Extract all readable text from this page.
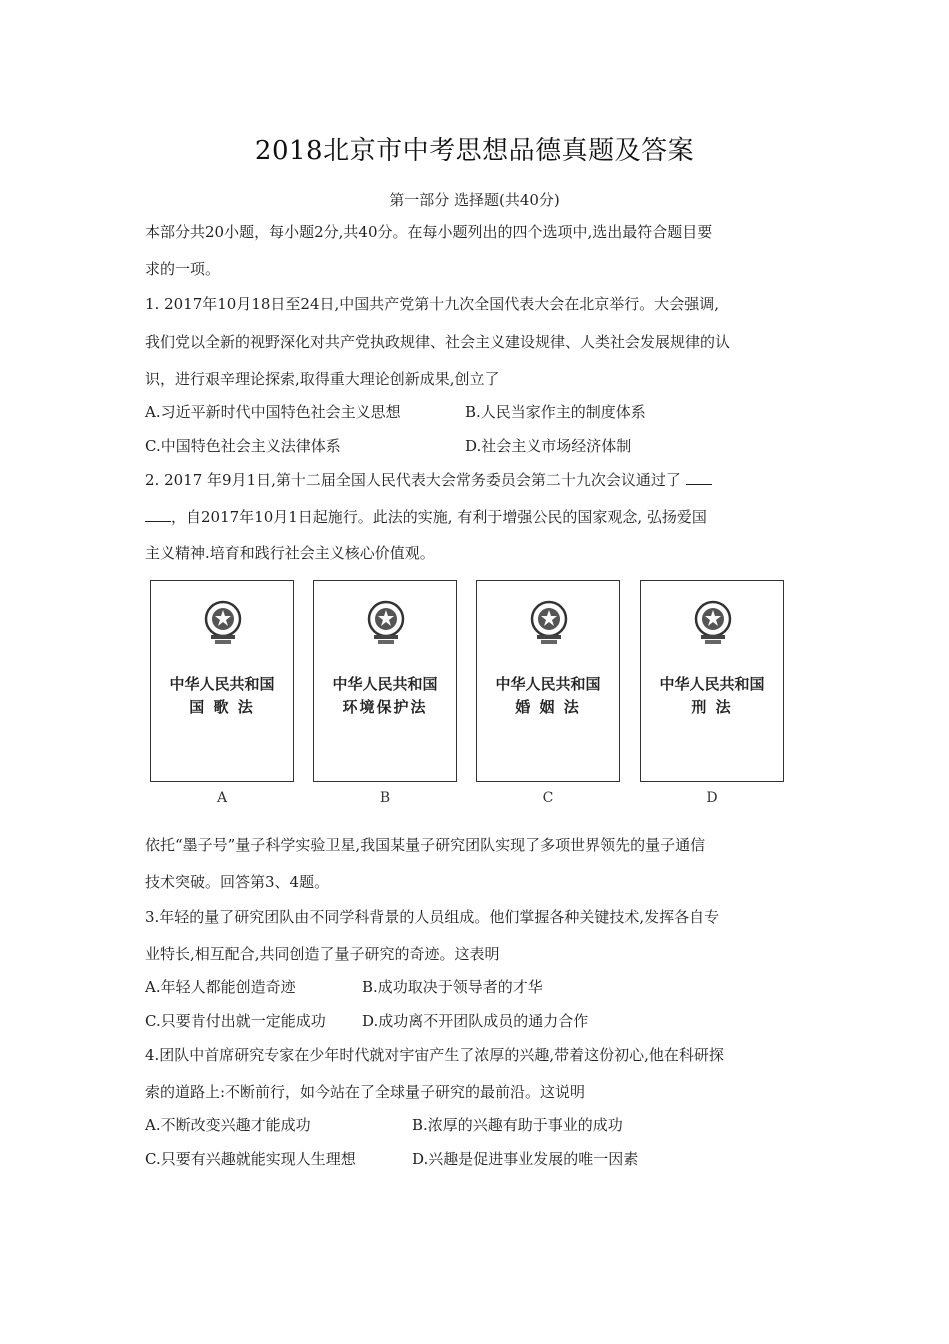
2018北京市中考思想品德真题及答案
第一部分 选择题(共40分)
本部分共20小题，每小题2分,共40分。在每小题列出的四个选项中,选出最符合题目要
求的一项。
1. 2017年10月18日至24日,中国共产党第十九次全国代表大会在北京举行。大会强调,
我们党以全新的视野深化对共产党执政规律、社会主义建设规律、人类社会发展规律的认
识，进行艰辛理论探索,取得重大理论创新成果,创立了
A.习近平新时代中国特色社会主义思想	B.人民当家作主的制度体系
C.中国特色社会主义法律体系	D.社会主义市场经济体制
2. 2017 年9月1日,第十二届全国人民代表大会常务委员会第二十九次会议通过了
，自2017年10月1日起施行。此法的实施, 有利于增强公民的国家观念, 弘扬爱国
主义精神.培育和践行社会主义核心价值观。
中华人民共和国
国 歌 法
A
中华人民共和国
环境保护法
B
中华人民共和国
婚 姻 法
C
中华人民共和国
刑 法
D
依托“墨子号”量子科学实验卫星,我国某量子研究团队实现了多项世界领先的量子通信
技术突破。回答第3、4题。
3.年轻的量了研究团队由不同学科背景的人员组成。他们掌握各种关键技术,发挥各自专
业特长,相互配合,共同创造了量子研究的奇迹。这表明
A.年轻人都能创造奇迹	B.成功取决于领导者的才华
C.只要肯付出就一定能成功 D.成功离不开团队成员的通力合作
4.团队中首席研究专家在少年时代就对宇宙产生了浓厚的兴趣,带着这份初心,他在科研探
索的道路上:不断前行，如今站在了全球量子研究的最前沿。这说明
A.不断改变兴趣才能成功	B.浓厚的兴趣有助于事业的成功
C.只要有兴趣就能实现人生理想	D.兴趣是促进事业发展的唯一因素
